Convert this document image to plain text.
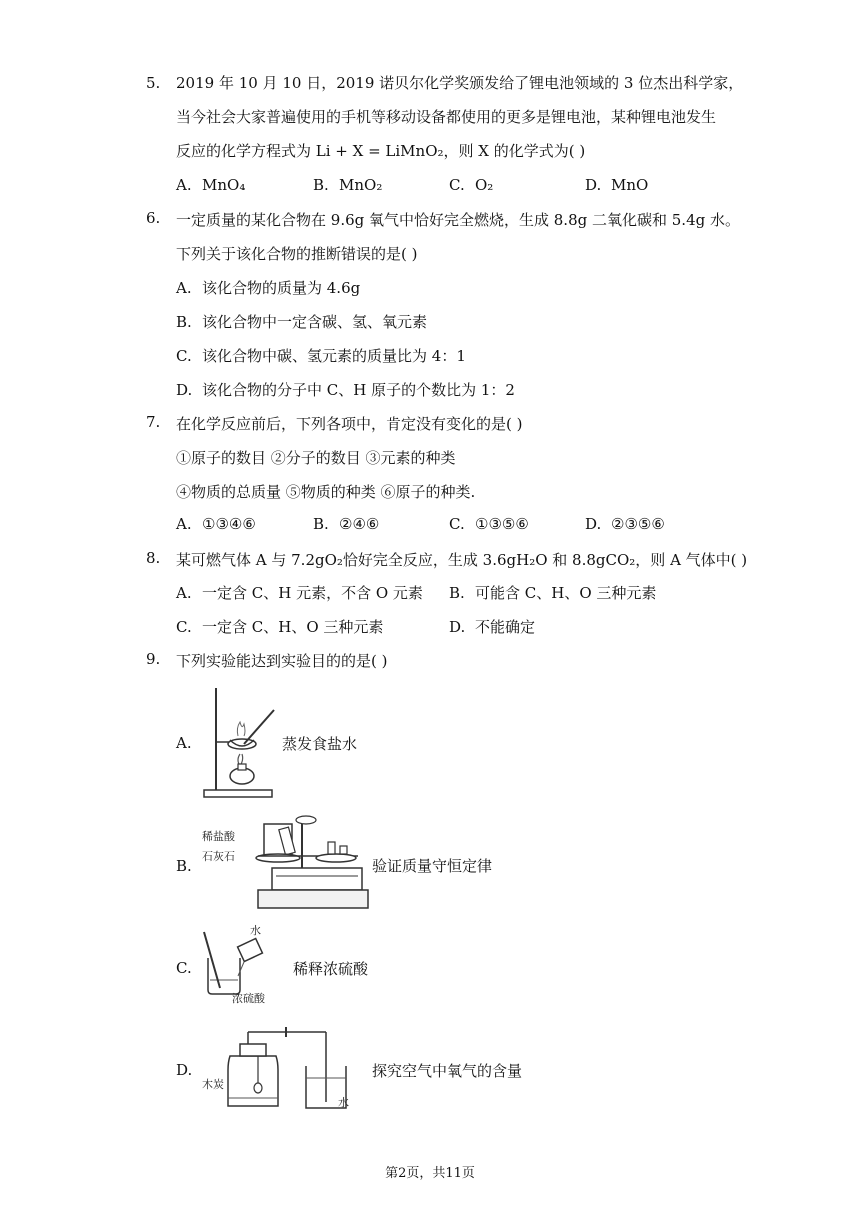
5. 2019 年 10 月 10 日，2019 诺贝尔化学奖颁发给了锂电池领域的 3 位杰出科学家，
当今社会大家普遍使用的手机等移动设备都使用的更多是锂电池，某种锂电池发生
反应的化学方程式为 Li + X = LiMnO₂，则 X 的化学式为( )
A. MnO₄	B. MnO₂	C. O₂	D. MnO
6. 一定质量的某化合物在 9.6g 氧气中恰好完全燃烧，生成 8.8g 二氧化碳和 5.4g 水。
下列关于该化合物的推断错误的是( )
A. 该化合物的质量为 4.6g
B. 该化合物中一定含碳、氢、氧元素
C. 该化合物中碳、氢元素的质量比为 4：1
D. 该化合物的分子中 C、H 原子的个数比为 1：2
7. 在化学反应前后，下列各项中，肯定没有变化的是( )
①原子的数目 ②分子的数目 ③元素的种类
④物质的总质量 ⑤物质的种类 ⑥原子的种类.
A. ①③④⑥	B. ②④⑥	C. ①③⑤⑥	D. ②③⑤⑥
8. 某可燃气体 A 与 7.2gO₂恰好完全反应，生成 3.6gH₂O 和 8.8gCO₂，则 A 气体中( )
A. 一定含 C、H 元素，不含 O 元素 B. 可能含 C、H、O 三种元素
C. 一定含 C、H、O 三种元素	D. 不能确定
9. 下列实验能达到实验目的的是( )
A.	蒸发食盐水
B.
稀盐酸
石灰石
验证质量守恒定律
C.
水
浓硫酸
稀释浓硫酸
D.
木炭
水
探究空气中氧气的含量
第2页，共11页
